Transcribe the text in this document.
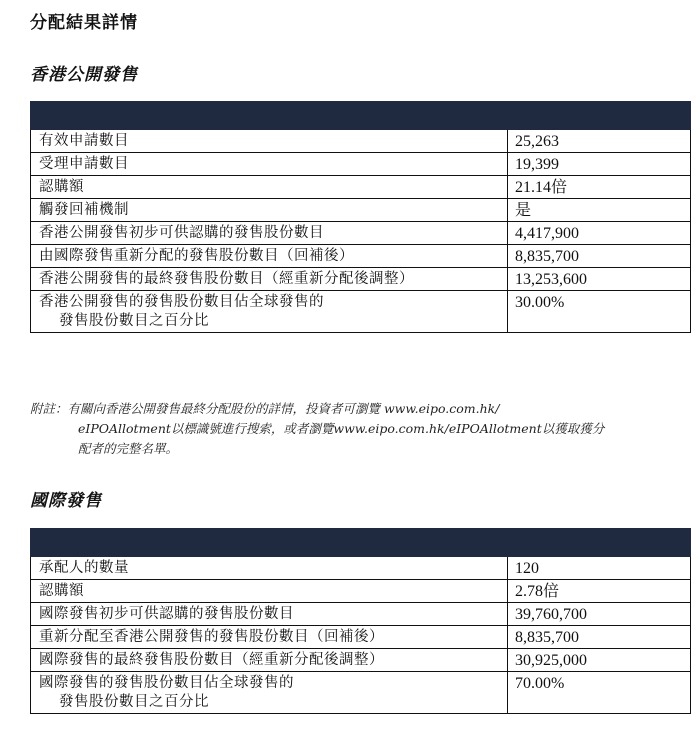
分配結果詳情
香港公開發售

有效申請數目	25,263
受理申請數目	19,399
認購額	21.14倍
觸發回補機制	是
香港公開發售初步可供認購的發售股份數目	4,417,900
由國際發售重新分配的發售股份數目（回補後）	8,835,700
香港公開發售的最終發售股份數目（經重新分配後調整）	13,253,600
香港公開發售的發售股份數目佔全球發售的
發售股份數目之百分比	30.00%
附註：有關向香港公開發售最終分配股份的詳情，投資者可瀏覽 www.eipo.com.hk/
eIPOAllotment以標識號進行搜索，或者瀏覽www.eipo.com.hk/eIPOAllotment以獲取獲分
配者的完整名單。
國際發售

承配人的數量	120
認購額	2.78倍
國際發售初步可供認購的發售股份數目	39,760,700
重新分配至香港公開發售的發售股份數目（回補後）	8,835,700
國際發售的最終發售股份數目（經重新分配後調整）	30,925,000
國際發售的發售股份數目佔全球發售的
發售股份數目之百分比	70.00%
